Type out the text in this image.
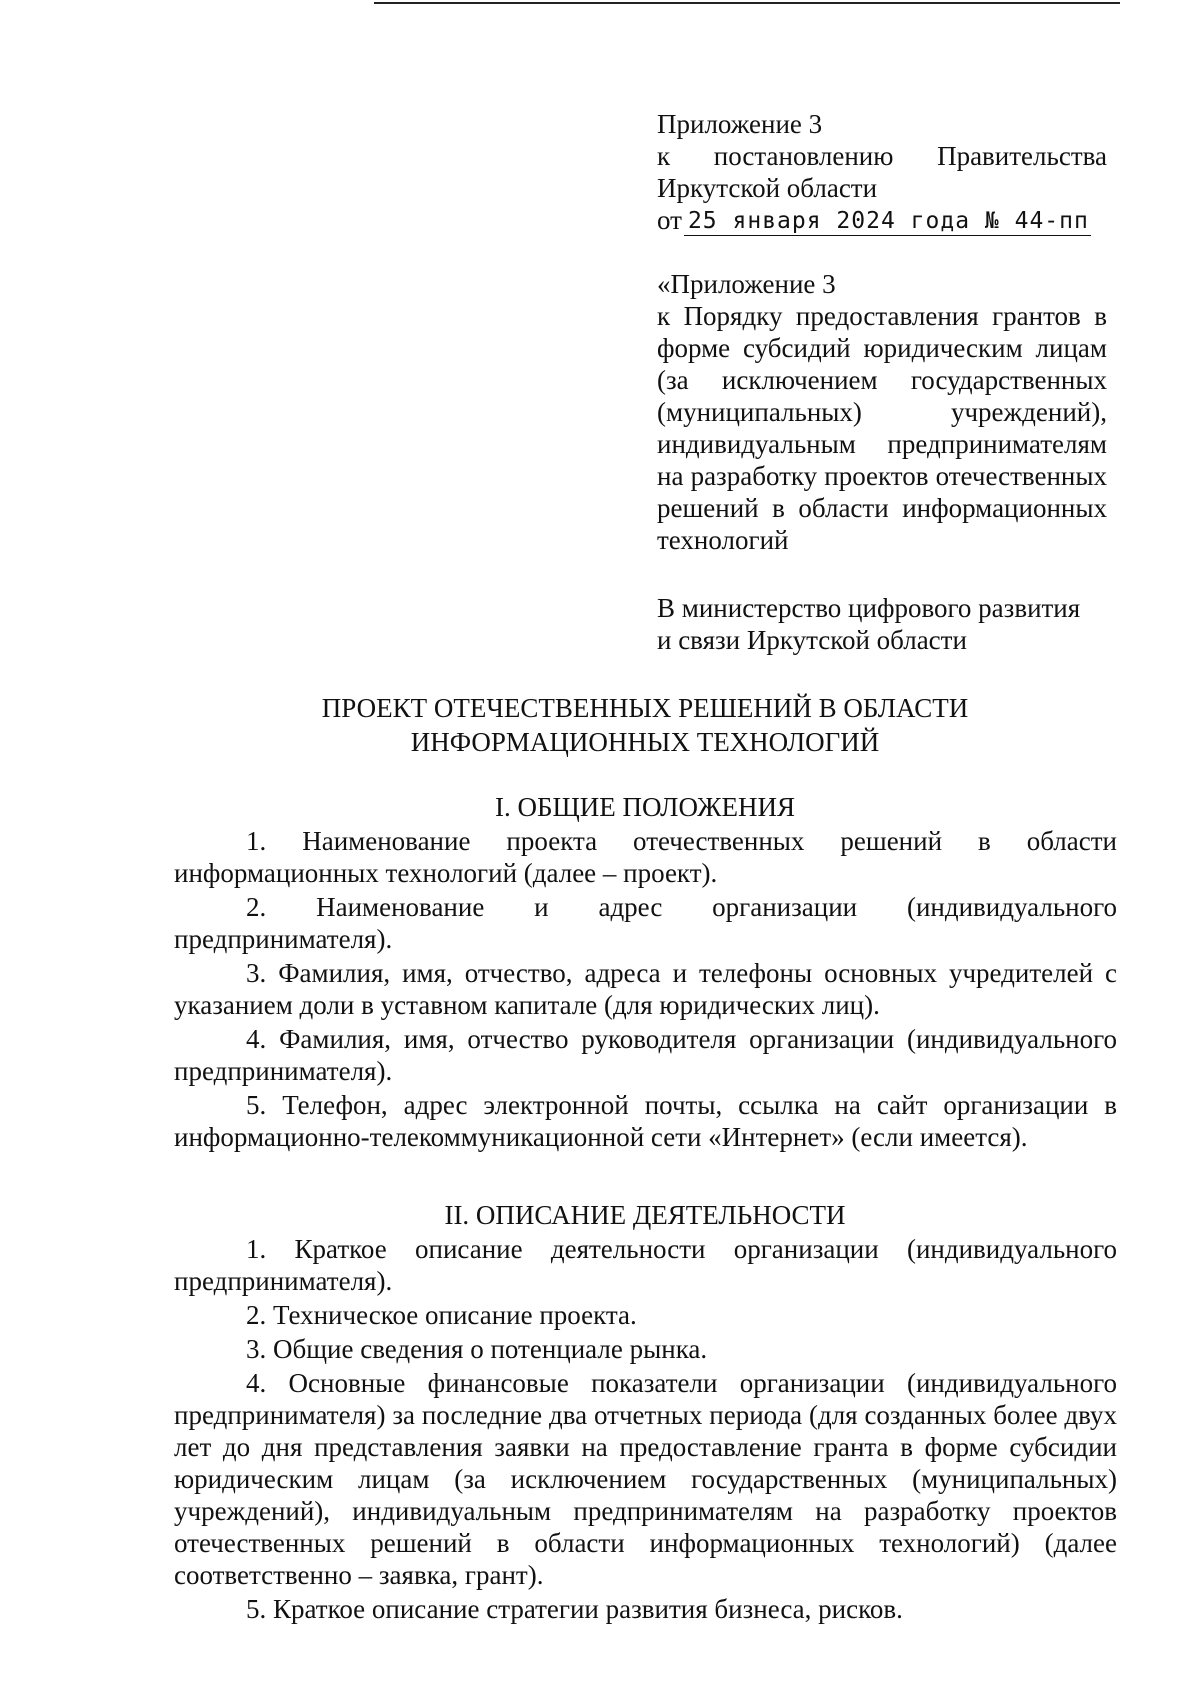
Приложение 3
к постановлению Правительства
Иркутской области
от 25 января 2024 года № 44-пп
«Приложение 3
к Порядку предоставления грантов в форме субсидий юридическим лицам (за исключением государственных (муниципальных) учреждений), индивидуальным предпринимателям на разработку проектов отечественных решений в области информационных технологий
В министерство цифрового развития
и связи Иркутской области
ПРОЕКТ ОТЕЧЕСТВЕННЫХ РЕШЕНИЙ В ОБЛАСТИ
ИНФОРМАЦИОННЫХ ТЕХНОЛОГИЙ
I. ОБЩИЕ ПОЛОЖЕНИЯ

1. Наименование проекта отечественных решений в области информационных технологий (далее – проект).

2. Наименование и адрес организации (индивидуального предпринимателя).

3. Фамилия, имя, отчество, адреса и телефоны основных учредителей с указанием доли в уставном капитале (для юридических лиц).

4. Фамилия, имя, отчество руководителя организации (индивидуального предпринимателя).

5. Телефон, адрес электронной почты, ссылка на сайт организации в информационно-телекоммуникационной сети «Интернет» (если имеется).

II. ОПИСАНИЕ ДЕЯТЕЛЬНОСТИ

1. Краткое описание деятельности организации (индивидуального предпринимателя).

2. Техническое описание проекта.

3. Общие сведения о потенциале рынка.

4. Основные финансовые показатели организации (индивидуального предпринимателя) за последние два отчетных периода (для созданных более двух лет до дня представления заявки на предоставление гранта в форме субсидии юридическим лицам (за исключением государственных (муниципальных) учреждений), индивидуальным предпринимателям на разработку проектов отечественных решений в области информационных технологий) (далее соответственно – заявка, грант).

5. Краткое описание стратегии развития бизнеса, рисков.
